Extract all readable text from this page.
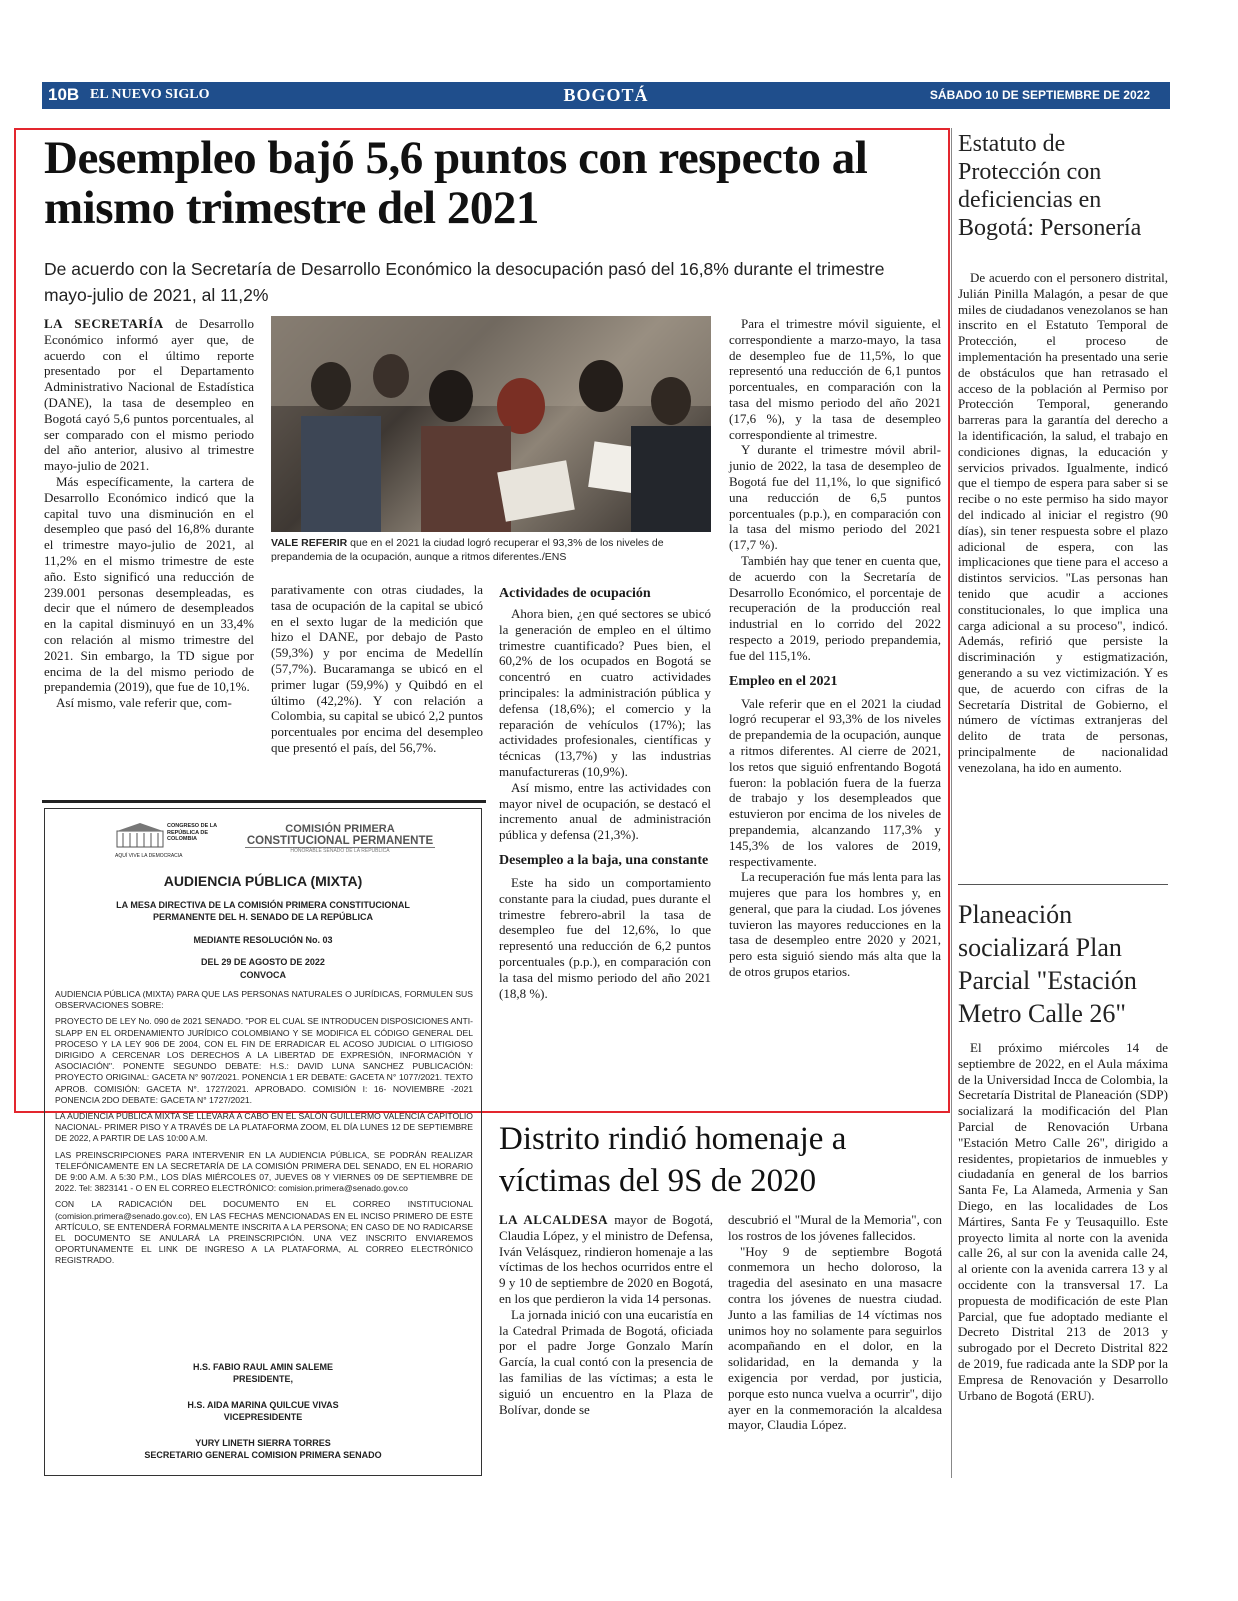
10B EL NUEVO SIGLO	BOGOTÁ	SÁBADO 10 DE SEPTIEMBRE DE 2022
Desempleo bajó 5,6 puntos con respecto al mismo trimestre del 2021
De acuerdo con la Secretaría de Desarrollo Económico la desocupación pasó del 16,8% durante el trimestre mayo-julio de 2021, al 11,2%

LA SECRETARÍA de Desarrollo Económico informó ayer que, de acuerdo con el último reporte presentado por el Departamento Administrativo Nacional de Estadística (DANE), la tasa de desempleo en Bogotá cayó 5,6 puntos porcentuales, al ser comparado con el mismo periodo del año anterior, alusivo al trimestre mayo-julio de 2021.

Más específicamente, la cartera de Desarrollo Económico indicó que la capital tuvo una disminución en el desempleo que pasó del 16,8% durante el trimestre mayo-julio de 2021, al 11,2% en el mismo trimestre de este año. Esto significó una reducción de 239.001 personas desempleadas, es decir que el número de desempleados en la capital disminuyó en un 33,4% con relación al mismo trimestre del 2021. Sin embargo, la TD sigue por encima de la del mismo periodo de prepandemia (2019), que fue de 10,1%.

Así mismo, vale referir que, com-

VALE REFERIR que en el 2021 la ciudad logró recuperar el 93,3% de los niveles de prepandemia de la ocupación, aunque a ritmos diferentes./ENS

parativamente con otras ciudades, la tasa de ocupación de la capital se ubicó en el sexto lugar de la medición que hizo el DANE, por debajo de Pasto (59,3%) y por encima de Medellín (57,7%). Bucaramanga se ubicó en el primer lugar (59,9%) y Quibdó en el último (42,2%). Y con relación a Colombia, su capital se ubicó 2,2 puntos porcentuales por encima del desempleo que presentó el país, del 56,7%.

Actividades de ocupación

Ahora bien, ¿en qué sectores se ubicó la generación de empleo en el último trimestre cuantificado? Pues bien, el 60,2% de los ocupados en Bogotá se concentró en cuatro actividades principales: la administración pública y defensa (18,6%); el comercio y la reparación de vehículos (17%); las actividades profesionales, científicas y técnicas (13,7%) y las industrias manufactureras (10,9%).

Así mismo, entre las actividades con mayor nivel de ocupación, se destacó el incremento anual de administración pública y defensa (21,3%).

Desempleo a la baja, una constante

Este ha sido un comportamiento constante para la ciudad, pues durante el trimestre febrero-abril la tasa de desempleo fue del 12,6%, lo que representó una reducción de 6,2 puntos porcentuales (p.p.), en comparación con la tasa del mismo periodo del año 2021 (18,8 %).

Para el trimestre móvil siguiente, el correspondiente a marzo-mayo, la tasa de desempleo fue de 11,5%, lo que representó una reducción de 6,1 puntos porcentuales, en comparación con la tasa del mismo periodo del año 2021 (17,6 %), y la tasa de desempleo correspondiente al trimestre.

Y durante el trimestre móvil abril-junio de 2022, la tasa de desempleo de Bogotá fue del 11,1%, lo que significó una reducción de 6,5 puntos porcentuales (p.p.), en comparación con la tasa del mismo periodo del 2021 (17,7 %).

También hay que tener en cuenta que, de acuerdo con la Secretaría de Desarrollo Económico, el porcentaje de recuperación de la producción real industrial en lo corrido del 2022 respecto a 2019, periodo prepandemia, fue del 115,1%.

Empleo en el 2021

Vale referir que en el 2021 la ciudad logró recuperar el 93,3% de los niveles de prepandemia de la ocupación, aunque a ritmos diferentes. Al cierre de 2021, los retos que siguió enfrentando Bogotá fueron: la población fuera de la fuerza de trabajo y los desempleados que estuvieron por encima de los niveles de prepandemia, alcanzando 117,3% y 145,3% de los valores de 2019, respectivamente.

La recuperación fue más lenta para las mujeres que para los hombres y, en general, que para la ciudad. Los jóvenes tuvieron las mayores reducciones en la tasa de desempleo entre 2020 y 2021, pero esta siguió siendo más alta que la de otros grupos etarios.

CONGRESO DE LA REPÚBLICA DE COLOMBIA
AQUÍ VIVE LA DEMOCRACIA
COMISIÓN PRIMERA
CONSTITUCIONAL PERMANENTE
HONORABLE SENADO DE LA REPÚBLICA
AUDIENCIA PÚBLICA (MIXTA)
LA MESA DIRECTIVA DE LA COMISIÓN PRIMERA CONSTITUCIONAL PERMANENTE DEL H. SENADO DE LA REPÚBLICA
MEDIANTE RESOLUCIÓN No. 03
DEL 29 DE AGOSTO DE 2022
CONVOCA

AUDIENCIA PÚBLICA (MIXTA) PARA QUE LAS PERSONAS NATURALES O JURÍDICAS, FORMULEN SUS OBSERVACIONES SOBRE:

PROYECTO DE LEY No. 090 de 2021 SENADO. "POR EL CUAL SE INTRODUCEN DISPOSICIONES ANTI-SLAPP EN EL ORDENAMIENTO JURÍDICO COLOMBIANO Y SE MODIFICA EL CÓDIGO GENERAL DEL PROCESO Y LA LEY 906 DE 2004, CON EL FIN DE ERRADICAR EL ACOSO JUDICIAL O LITIGIOSO DIRIGIDO A CERCENAR LOS DERECHOS A LA LIBERTAD DE EXPRESIÓN, INFORMACIÓN Y ASOCIACIÓN". PONENTE SEGUNDO DEBATE: H.S.: DAVID LUNA SANCHEZ PUBLICACIÓN: PROYECTO ORIGINAL: GACETA N° 907/2021. PONENCIA 1 ER DEBATE: GACETA N° 1077/2021. TEXTO APROB. COMISIÓN: GACETA N°. 1727/2021. APROBADO. COMISIÓN I: 16- NOVIEMBRE -2021 PONENCIA 2DO DEBATE: GACETA N° 1727/2021.

LA AUDIENCIA PÚBLICA MIXTA SE LLEVARÁ A CABO EN EL SALÓN GUILLERMO VALENCIA CAPITOLIO NACIONAL- PRIMER PISO Y A TRAVÉS DE LA PLATAFORMA ZOOM, EL DÍA LUNES 12 DE SEPTIEMBRE DE 2022, A PARTIR DE LAS 10:00 A.M.

LAS PREINSCRIPCIONES PARA INTERVENIR EN LA AUDIENCIA PÚBLICA, SE PODRÁN REALIZAR TELEFÓNICAMENTE EN LA SECRETARÍA DE LA COMISIÓN PRIMERA DEL SENADO, EN EL HORARIO DE 9:00 A.M. A 5:30 P.M., LOS DÍAS MIÉRCOLES 07, JUEVES 08 Y VIERNES 09 DE SEPTIEMBRE DE 2022. Tel: 3823141 - O EN EL CORREO ELECTRÓNICO: comision.primera@senado.gov.co

CON LA RADICACIÓN DEL DOCUMENTO EN EL CORREO INSTITUCIONAL (comision.primera@senado.gov.co), EN LAS FECHAS MENCIONADAS EN EL INCISO PRIMERO DE ESTE ARTÍCULO, SE ENTENDERÁ FORMALMENTE INSCRITA A LA PERSONA; EN CASO DE NO RADICARSE EL DOCUMENTO SE ANULARÁ LA PREINSCRIPCIÓN. UNA VEZ INSCRITO ENVIAREMOS OPORTUNAMENTE EL LINK DE INGRESO A LA PLATAFORMA, AL CORREO ELECTRÓNICO REGISTRADO.

H.S. FABIO RAUL AMIN SALEME
PRESIDENTE,
H.S. AIDA MARINA QUILCUE VIVAS
VICEPRESIDENTE
YURY LINETH SIERRA TORRES
SECRETARIO GENERAL COMISION PRIMERA SENADO
Distrito rindió homenaje a víctimas del 9S de 2020

LA ALCALDESA mayor de Bogotá, Claudia López, y el ministro de Defensa, Iván Velásquez, rindieron homenaje a las víctimas de los hechos ocurridos entre el 9 y 10 de septiembre de 2020 en Bogotá, en los que perdieron la vida 14 personas.

La jornada inició con una eucaristía en la Catedral Primada de Bogotá, oficiada por el padre Jorge Gonzalo Marín García, la cual contó con la presencia de las familias de las víctimas; a esta le siguió un encuentro en la Plaza de Bolívar, donde se

descubrió el "Mural de la Memoria", con los rostros de los jóvenes fallecidos.

"Hoy 9 de septiembre Bogotá conmemora un hecho doloroso, la tragedia del asesinato en una masacre contra los jóvenes de nuestra ciudad. Junto a las familias de 14 víctimas nos unimos hoy no solamente para seguirlos acompañando en el dolor, en la solidaridad, en la demanda y la exigencia por verdad, por justicia, porque esto nunca vuelva a ocurrir", dijo ayer en la conmemoración la alcaldesa mayor, Claudia López.

Estatuto de Protección con deficiencias en Bogotá: Personería

De acuerdo con el personero distrital, Julián Pinilla Malagón, a pesar de que miles de ciudadanos venezolanos se han inscrito en el Estatuto Temporal de Protección, el proceso de implementación ha presentado una serie de obstáculos que han retrasado el acceso de la población al Permiso por Protección Temporal, generando barreras para la garantía del derecho a la identificación, la salud, el trabajo en condiciones dignas, la educación y servicios privados. Igualmente, indicó que el tiempo de espera para saber si se recibe o no este permiso ha sido mayor del indicado al iniciar el registro (90 días), sin tener respuesta sobre el plazo adicional de espera, con las implicaciones que tiene para el acceso a distintos servicios. "Las personas han tenido que acudir a acciones constitucionales, lo que implica una carga adicional a su proceso", indicó. Además, refirió que persiste la discriminación y estigmatización, generando a su vez victimización. Y es que, de acuerdo con cifras de la Secretaría Distrital de Gobierno, el número de víctimas extranjeras del delito de trata de personas, principalmente de nacionalidad venezolana, ha ido en aumento.

Planeación socializará Plan Parcial "Estación Metro Calle 26"

El próximo miércoles 14 de septiembre de 2022, en el Aula máxima de la Universidad Incca de Colombia, la Secretaría Distrital de Planeación (SDP) socializará la modificación del Plan Parcial de Renovación Urbana "Estación Metro Calle 26", dirigido a residentes, propietarios de inmuebles y ciudadanía en general de los barrios Santa Fe, La Alameda, Armenia y San Diego, en las localidades de Los Mártires, Santa Fe y Teusaquillo. Este proyecto limita al norte con la avenida calle 26, al sur con la avenida calle 24, al oriente con la avenida carrera 13 y al occidente con la transversal 17. La propuesta de modificación de este Plan Parcial, que fue adoptado mediante el Decreto Distrital 213 de 2013 y subrogado por el Decreto Distrital 822 de 2019, fue radicada ante la SDP por la Empresa de Renovación y Desarrollo Urbano de Bogotá (ERU).
